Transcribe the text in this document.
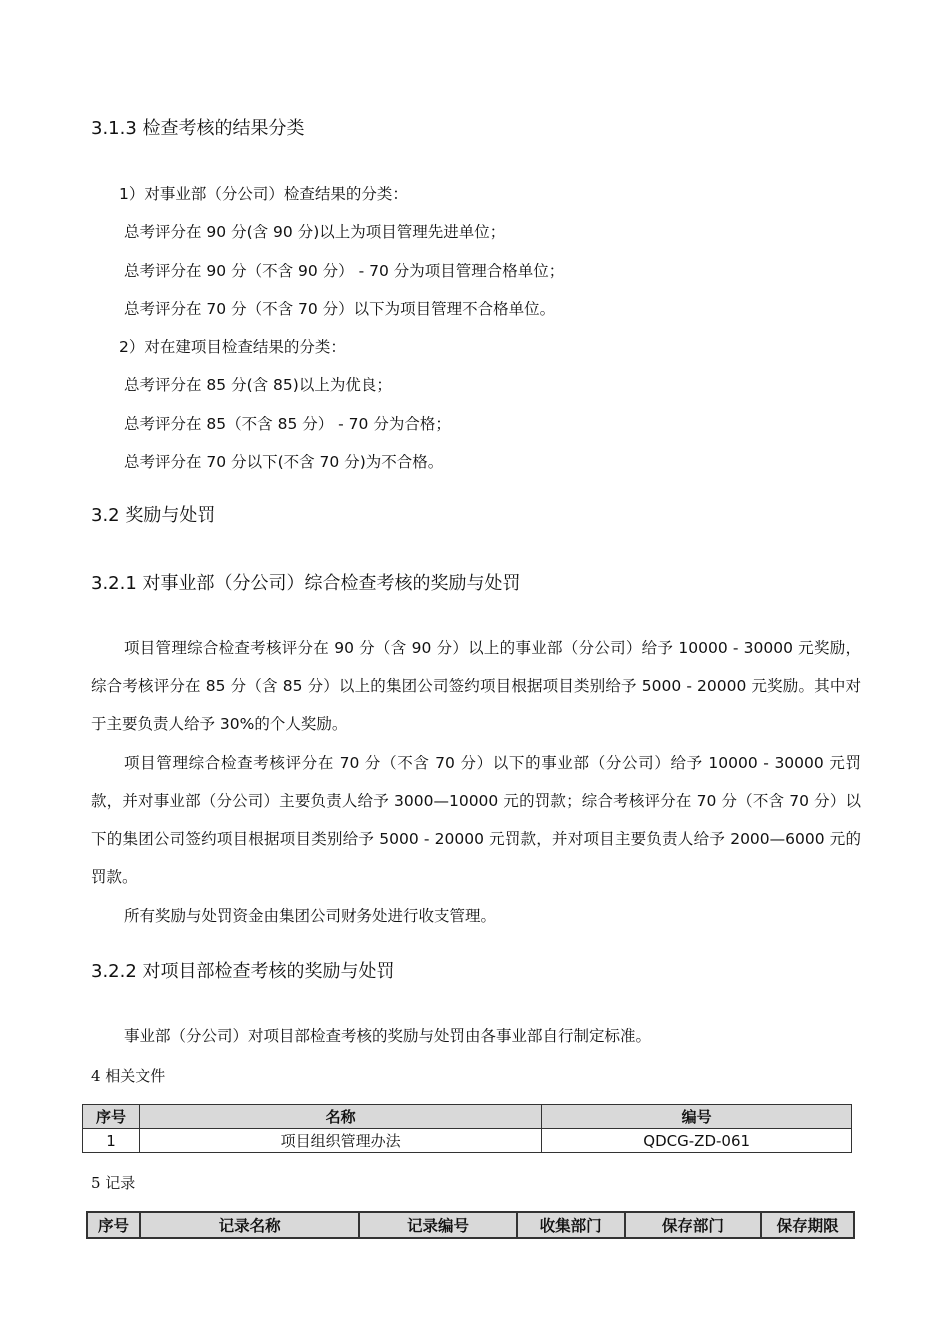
3.1.3 检查考核的结果分类
1）对事业部（分公司）检查结果的分类：
总考评分在 90 分(含 90 分)以上为项目管理先进单位；
总考评分在 90 分（不含 90 分） - 70 分为项目管理合格单位；
总考评分在 70 分（不含 70 分）以下为项目管理不合格单位。
2）对在建项目检查结果的分类：
总考评分在 85 分(含 85)以上为优良；
总考评分在 85（不含 85 分） - 70 分为合格；
总考评分在 70 分以下(不含 70 分)为不合格。
3.2 奖励与处罚
3.2.1 对事业部（分公司）综合检查考核的奖励与处罚
项目管理综合检查考核评分在 90 分（含 90 分）以上的事业部（分公司）给予 10000 - 30000 元奖励，综合考核评分在 85 分（含 85 分）以上的集团公司签约项目根据项目类别给予 5000 - 20000 元奖励。其中对于主要负责人给予 30%的个人奖励。
项目管理综合检查考核评分在 70 分（不含 70 分）以下的事业部（分公司）给予 10000 - 30000 元罚款，并对事业部（分公司）主要负责人给予 3000—10000 元的罚款；综合考核评分在 70 分（不含 70 分）以下的集团公司签约项目根据项目类别给予 5000 - 20000 元罚款，并对项目主要负责人给予 2000—6000 元的罚款。
所有奖励与处罚资金由集团公司财务处进行收支管理。
3.2.2 对项目部检查考核的奖励与处罚
事业部（分公司）对项目部检查考核的奖励与处罚由各事业部自行制定标准。
4 相关文件
序号	名称	编号
1	项目组织管理办法	QDCG-ZD-061
5 记录
序号	记录名称	记录编号	收集部门	保存部门	保存期限
